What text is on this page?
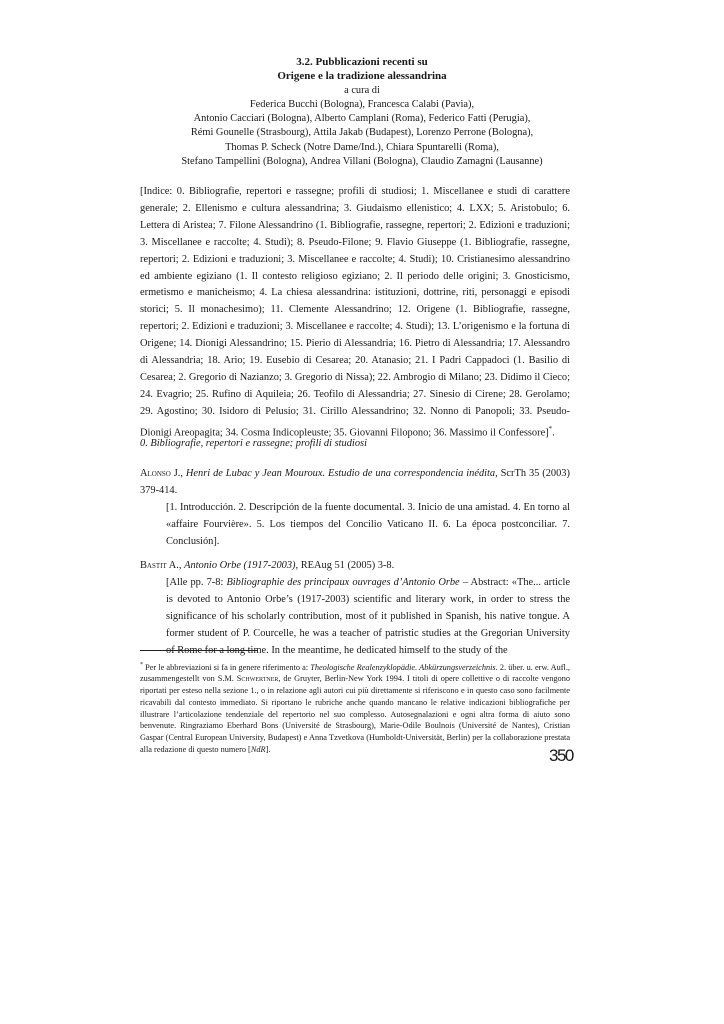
3.2. Pubblicazioni recenti su
Origene e la tradizione alessandrina
a cura di
Federica Bucchi (Bologna), Francesca Calabi (Pavia),
Antonio Cacciari (Bologna), Alberto Camplani (Roma), Federico Fatti (Perugia),
Rémi Gounelle (Strasbourg), Attila Jakab (Budapest), Lorenzo Perrone (Bologna),
Thomas P. Scheck (Notre Dame/Ind.), Chiara Spuntarelli (Roma),
Stefano Tampellini (Bologna), Andrea Villani (Bologna), Claudio Zamagni (Lausanne)
[Indice: 0. Bibliografie, repertori e rassegne; profili di studiosi; 1. Miscellanee e studi di carattere generale; 2. Ellenismo e cultura alessandrina; 3. Giudaismo ellenistico; 4. LXX; 5. Aristobulo; 6. Lettera di Aristea; 7. Filone Alessandrino (1. Bibliografie, rassegne, repertori; 2. Edizioni e traduzioni; 3. Miscellanee e raccolte; 4. Studi); 8. Pseudo-Filone; 9. Flavio Giuseppe (1. Bibliografie, rassegne, repertori; 2. Edizioni e traduzioni; 3. Miscellanee e raccolte; 4. Studi); 10. Cristianesimo alessandrino ed ambiente egiziano (1. Il contesto religioso egiziano; 2. Il periodo delle origini; 3. Gnosticismo, ermetismo e manicheismo; 4. La chiesa alessandrina: istituzioni, dottrine, riti, personaggi e episodi storici; 5. Il monachesimo); 11. Clemente Alessandrino; 12. Origene (1. Bibliografie, rassegne, repertori; 2. Edizioni e traduzioni; 3. Miscellanee e raccolte; 4. Studi); 13. L’origenismo e la fortuna di Origene; 14. Dionigi Alessandrino; 15. Pierio di Alessandria; 16. Pietro di Alessandria; 17. Alessandro di Alessandria; 18. Ario; 19. Eusebio di Cesarea; 20. Atanasio; 21. I Padri Cappadoci (1. Basilio di Cesarea; 2. Gregorio di Nazianzo; 3. Gregorio di Nissa); 22. Ambrogio di Milano; 23. Didimo il Cieco; 24. Evagrio; 25. Rufino di Aquileia; 26. Teofilo di Alessandria; 27. Sinesio di Cirene; 28. Gerolamo; 29. Agostino; 30. Isidoro di Pelusio; 31. Cirillo Alessandrino; 32. Nonno di Panopoli; 33. Pseudo-Dionigi Areopagita; 34. Cosma Indicopleuste; 35. Giovanni Filopono; 36. Massimo il Confessore]*.
0. Bibliografie, repertori e rassegne; profili di studiosi
Alonso J., Henri de Lubac y Jean Mouroux. Estudio de una correspondencia inédita, ScrTh 35 (2003) 379-414.
[1. Introducción. 2. Descripción de la fuente documental. 3. Inicio de una amistad. 4. En torno al «affaire Fourvière». 5. Los tiempos del Concilio Vaticano II. 6. La época postconciliar. 7. Conclusión].
Bastit A., Antonio Orbe (1917-2003), REAug 51 (2005) 3-8.
[Alle pp. 7-8: Bibliographie des principaux ouvrages d’Antonio Orbe – Abstract: «The... article is devoted to Antonio Orbe’s (1917-2003) scientific and literary work, in order to stress the significance of his scholarly contribution, most of it published in Spanish, his native tongue. A former student of P. Courcelle, he was a teacher of patristic studies at the Gregorian University of Rome for a long time. In the meantime, he dedicated himself to the study of the
* Per le abbreviazioni si fa in genere riferimento a: Theologische Realenzyklopädie. Abkürzungsverzeichnis. 2. über. u. erw. Aufl., zusammengestellt von S.M. Schwertner, de Gruyter, Berlin-New York 1994. I titoli di opere collettive o di raccolte vengono riportati per esteso nella sezione 1., o in relazione agli autori cui più direttamente si riferiscono e in questo caso sono facilmente ricavabili dal contesto immediato. Si riportano le rubriche anche quando mancano le relative indicazioni bibliografiche per illustrare l’articolazione tendenziale del repertorio nel suo complesso. Autosegnalazioni e ogni altra forma di aiuto sono benvenute. Ringraziamo Eberhard Bons (Université de Strasbourg), Marie-Odile Boulnois (Université de Nantes), Cristian Gaspar (Central European University, Budapest) e Anna Tzvetkova (Humboldt-Universität, Berlin) per la collaborazione prestata alla redazione di questo numero [NdR].	350
